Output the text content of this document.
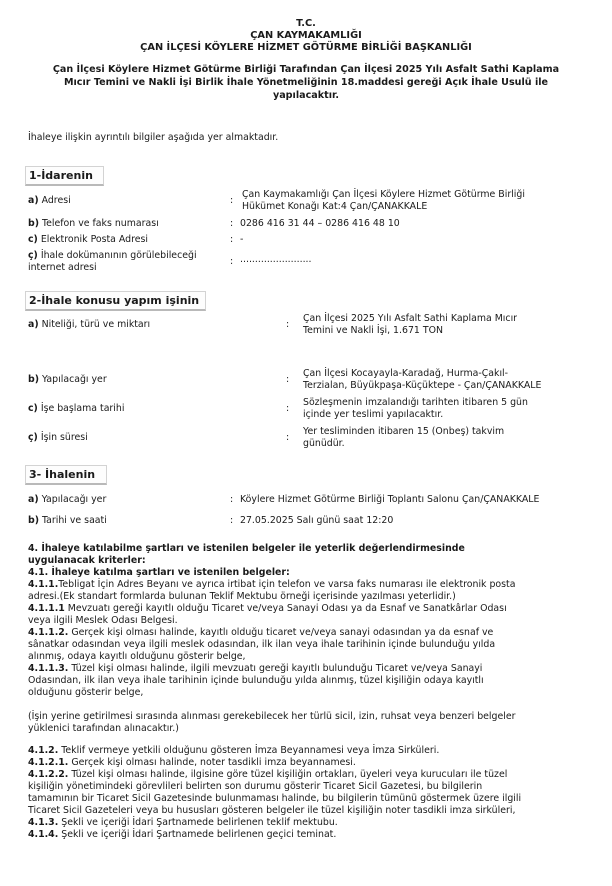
T.C.
ÇAN KAYMAKAMLIĞI
ÇAN İLÇESİ KÖYLERE HİZMET GÖTÜRME BİRLİĞİ BAŞKANLIĞI
Çan İlçesi Köylere Hizmet Götürme Birliği Tarafından Çan İlçesi 2025 Yılı Asfalt Sathi Kaplama
Mıcır Temini ve Nakli İşi Birlik İhale Yönetmeliğinin 18.maddesi gereği Açık İhale Usulü ile
yapılacaktır.
İhaleye ilişkin ayrıntılı bilgiler aşağıda yer almaktadır.
1-İdarenin
a) Adresi	:
Çan Kaymakamlığı Çan İlçesi Köylere Hizmet Götürme Birliği
Hükümet Konağı Kat:4 Çan/ÇANAKKALE
b) Telefon ve faks numarası	: 0286 416 31 44 – 0286 416 48 10
c) Elektronik Posta Adresi	: -
ç) İhale dokümanının görülebileceği
internet adresi
: ........................
2-İhale konusu yapım işinin
a) Niteliği, türü ve miktarı	:
Çan İlçesi 2025 Yılı Asfalt Sathi Kaplama Mıcır
Temini ve Nakli İşi, 1.671 TON
b) Yapılacağı yer	:
Çan İlçesi Kocayayla-Karadağ, Hurma-Çakıl-
Terzialan, Büyükpaşa-Küçüktepe - Çan/ÇANAKKALE
c) İşe başlama tarihi	:
Sözleşmenin imzalandığı tarihten itibaren 5 gün
içinde yer teslimi yapılacaktır.
ç) İşin süresi	:
Yer tesliminden itibaren 15 (Onbeş) takvim
günüdür.
3- İhalenin
a) Yapılacağı yer	: Köylere Hizmet Götürme Birliği Toplantı Salonu Çan/ÇANAKKALE
b) Tarihi ve saati	: 27.05.2025 Salı günü saat 12:20

4. İhaleye katılabilme şartları ve istenilen belgeler ile yeterlik değerlendirmesinde

uygulanacak kriterler:

4.1. İhaleye katılma şartları ve istenilen belgeler:

4.1.1.Tebligat İçin Adres Beyanı ve ayrıca irtibat için telefon ve varsa faks numarası ile elektronik posta

adresi.(Ek standart formlarda bulunan Teklif Mektubu örneği içerisinde yazılması yeterlidir.)

4.1.1.1 Mevzuatı gereği kayıtlı olduğu Ticaret ve/veya Sanayi Odası ya da Esnaf ve Sanatkârlar Odası

veya ilgili Meslek Odası Belgesi.

4.1.1.2. Gerçek kişi olması halinde, kayıtlı olduğu ticaret ve/veya sanayi odasından ya da esnaf ve

sânatkar odasından veya ilgili meslek odasından, ilk ilan veya ihale tarihinin içinde bulunduğu yılda

alınmış, odaya kayıtlı olduğunu gösterir belge,

4.1.1.3. Tüzel kişi olması halinde, ilgili mevzuatı gereği kayıtlı bulunduğu Ticaret ve/veya Sanayi

Odasından, ilk ilan veya ihale tarihinin içinde bulunduğu yılda alınmış, tüzel kişiliğin odaya kayıtlı

olduğunu gösterir belge,

(İşin yerine getirilmesi sırasında alınması gerekebilecek her türlü sicil, izin, ruhsat veya benzeri belgeler

yüklenici tarafından alınacaktır.)

4.1.2. Teklif vermeye yetkili olduğunu gösteren İmza Beyannamesi veya İmza Sirküleri.

4.1.2.1. Gerçek kişi olması halinde, noter tasdikli imza beyannamesi.

4.1.2.2. Tüzel kişi olması halinde, ilgisine göre tüzel kişiliğin ortakları, üyeleri veya kurucuları ile tüzel

kişiliğin yönetimindeki görevlileri belirten son durumu gösterir Ticaret Sicil Gazetesi, bu bilgilerin

tamamının bir Ticaret Sicil Gazetesinde bulunmaması halinde, bu bilgilerin tümünü göstermek üzere ilgili

Ticaret Sicil Gazeteleri veya bu hususları gösteren belgeler ile tüzel kişiliğin noter tasdikli imza sirküleri,

4.1.3. Şekli ve içeriği İdari Şartnamede belirlenen teklif mektubu.

4.1.4. Şekli ve içeriği İdari Şartnamede belirlenen geçici teminat.
